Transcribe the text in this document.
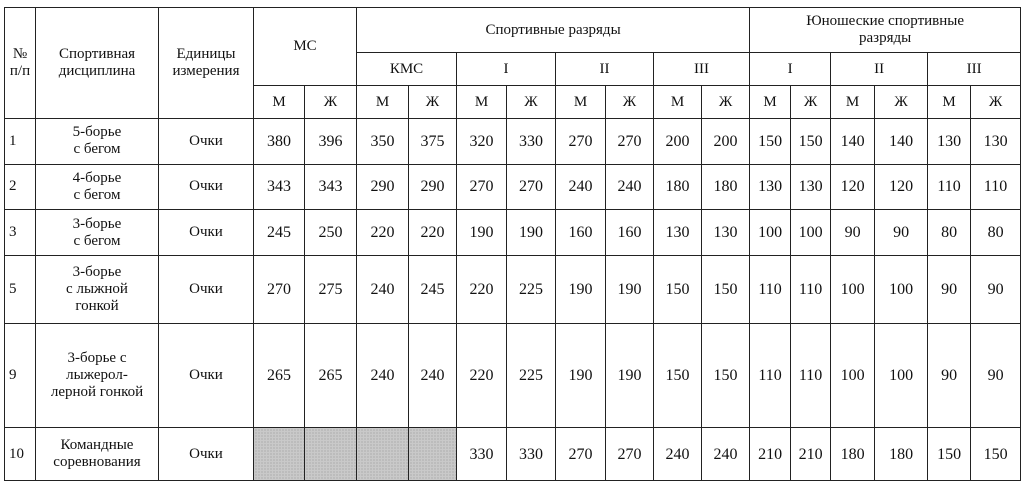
№
п/п	Спортивная
дисциплина	Единицы
измерения	МС		Спортивные разряды								Юношеские спортивные
разряды					

					КМС		I		II		III		I		II		III	
			М	Ж	М	Ж	М	Ж	М	Ж	М	Ж	М	Ж	М	Ж	М	Ж

1	5-борье
с бегом	Очки	380	396	350	375	320	330	270	270	200	200	150	150	140	140	130	130

2	4-борье
с бегом	Очки	343	343	290	290	270	270	240	240	180	180	130	130	120	120	110	110

3	3-борье
с бегом	Очки	245	250	220	220	190	190	160	160	130	130	100	100	90	90	80	80

5	3-борье
с лыжной
гонкой	Очки	270	275	240	245	220	225	190	190	150	150	110	110	100	100	90	90

9	3-борье с
лыжерол-
лерной гонкой	Очки	265	265	240	240	220	225	190	190	150	150	110	110	100	100	90	90

10	Командные
соревнования	Очки					330	330	270	270	240	240	210	210	180	180	150	150
